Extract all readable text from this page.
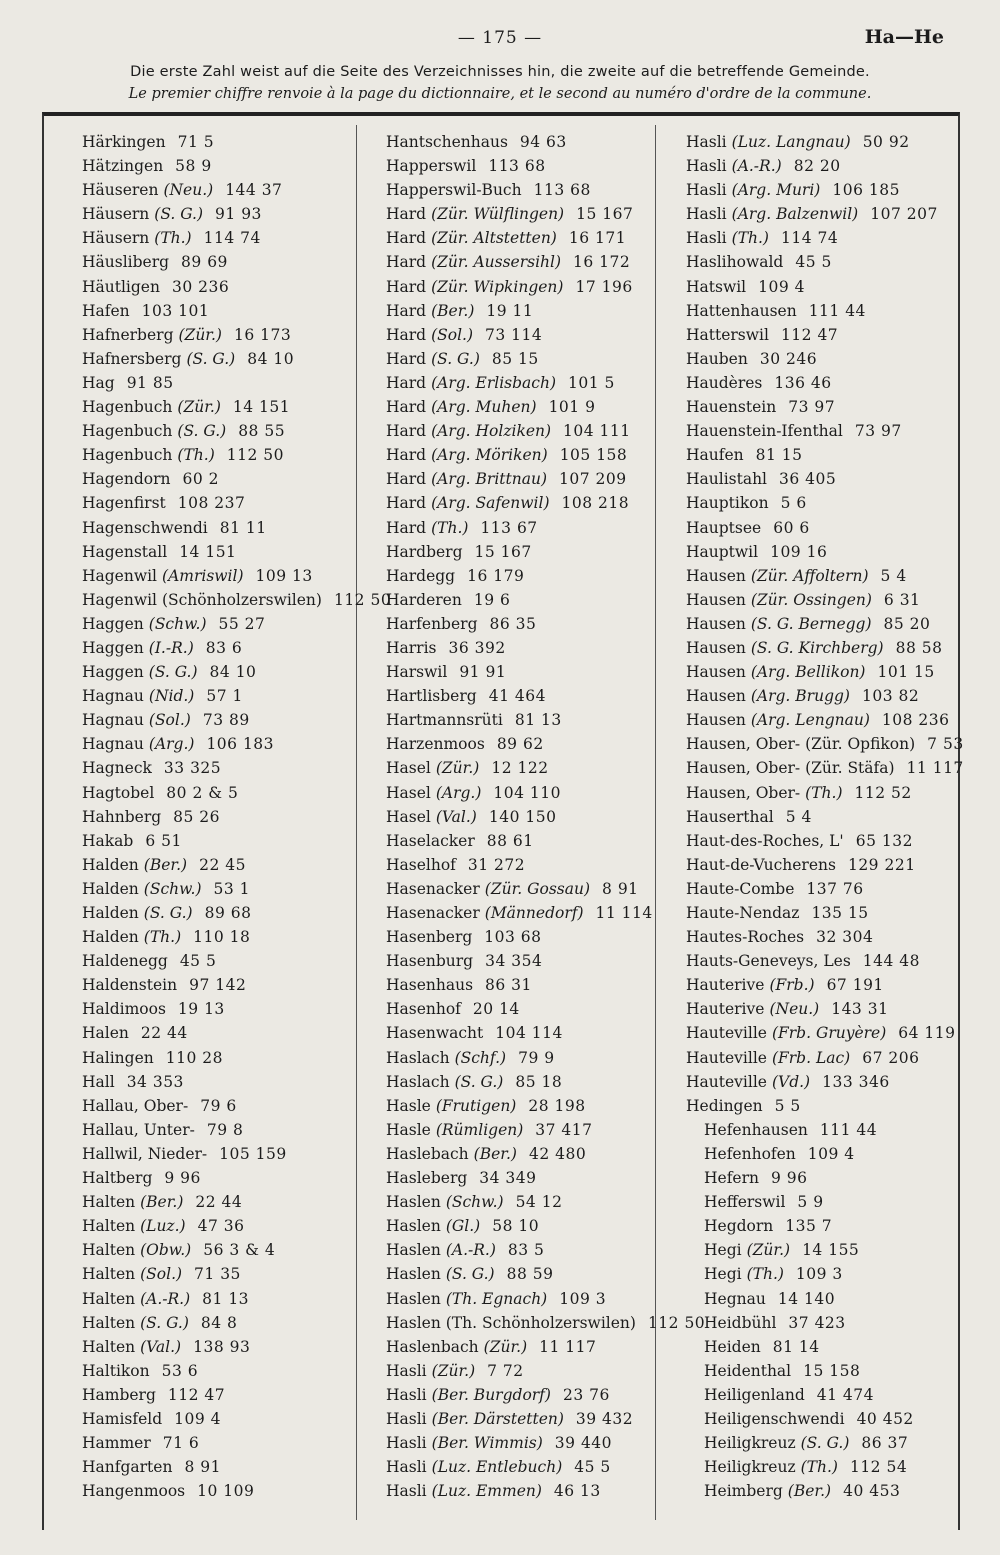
— 175 —	Ha—He
Die erste Zahl weist auf die Seite des Verzeichnisses hin, die zweite auf die betreffende Gemeinde.
Le premier chiffre renvoie à la page du dictionnaire, et le second au numéro d'ordre de la commune.
Härkingen 71 5
Hätzingen 58 9
Häuseren (Neu.) 144 37
Häusern (S. G.) 91 93
Häusern (Th.) 114 74
Häusliberg 89 69
Häutligen 30 236
Hafen 103 101
Hafnerberg (Zür.) 16 173
Hafnersberg (S. G.) 84 10
Hag 91 85
Hagenbuch (Zür.) 14 151
Hagenbuch (S. G.) 88 55
Hagenbuch (Th.) 112 50
Hagendorn 60 2
Hagenfirst 108 237
Hagenschwendi 81 11
Hagenstall 14 151
Hagenwil (Amriswil) 109 13
Hagenwil (Schönholzerswilen) 112 50
Haggen (Schw.) 55 27
Haggen (I.-R.) 83 6
Haggen (S. G.) 84 10
Hagnau (Nid.) 57 1
Hagnau (Sol.) 73 89
Hagnau (Arg.) 106 183
Hagneck 33 325
Hagtobel 80 2 & 5
Hahnberg 85 26
Hakab 6 51
Halden (Ber.) 22 45
Halden (Schw.) 53 1
Halden (S. G.) 89 68
Halden (Th.) 110 18
Haldenegg 45 5
Haldenstein 97 142
Haldimoos 19 13
Halen 22 44
Halingen 110 28
Hall 34 353
Hallau, Ober- 79 6
Hallau, Unter- 79 8
Hallwil, Nieder- 105 159
Haltberg 9 96
Halten (Ber.) 22 44
Halten (Luz.) 47 36
Halten (Obw.) 56 3 & 4
Halten (Sol.) 71 35
Halten (A.-R.) 81 13
Halten (S. G.) 84 8
Halten (Val.) 138 93
Haltikon 53 6
Hamberg 112 47
Hamisfeld 109 4
Hammer 71 6
Hanfgarten 8 91
Hangenmoos 10 109
Hantschenhaus 94 63
Happerswil 113 68
Happerswil-Buch 113 68
Hard (Zür. Wülflingen) 15 167
Hard (Zür. Altstetten) 16 171
Hard (Zür. Aussersihl) 16 172
Hard (Zür. Wipkingen) 17 196
Hard (Ber.) 19 11
Hard (Sol.) 73 114
Hard (S. G.) 85 15
Hard (Arg. Erlisbach) 101 5
Hard (Arg. Muhen) 101 9
Hard (Arg. Holziken) 104 111
Hard (Arg. Möriken) 105 158
Hard (Arg. Brittnau) 107 209
Hard (Arg. Safenwil) 108 218
Hard (Th.) 113 67
Hardberg 15 167
Hardegg 16 179
Harderen 19 6
Harfenberg 86 35
Harris 36 392
Harswil 91 91
Hartlisberg 41 464
Hartmannsrüti 81 13
Harzenmoos 89 62
Hasel (Zür.) 12 122
Hasel (Arg.) 104 110
Hasel (Val.) 140 150
Haselacker 88 61
Haselhof 31 272
Hasenacker (Zür. Gossau) 8 91
Hasenacker (Männedorf) 11 114
Hasenberg 103 68
Hasenburg 34 354
Hasenhaus 86 31
Hasenhof 20 14
Hasenwacht 104 114
Haslach (Schf.) 79 9
Haslach (S. G.) 85 18
Hasle (Frutigen) 28 198
Hasle (Rümligen) 37 417
Haslebach (Ber.) 42 480
Hasleberg 34 349
Haslen (Schw.) 54 12
Haslen (Gl.) 58 10
Haslen (A.-R.) 83 5
Haslen (S. G.) 88 59
Haslen (Th. Egnach) 109 3
Haslen (Th. Schönholzerswilen) 112 50
Haslenbach (Zür.) 11 117
Hasli (Zür.) 7 72
Hasli (Ber. Burgdorf) 23 76
Hasli (Ber. Därstetten) 39 432
Hasli (Ber. Wimmis) 39 440
Hasli (Luz. Entlebuch) 45 5
Hasli (Luz. Emmen) 46 13
Hasli (Luz. Langnau) 50 92
Hasli (A.-R.) 82 20
Hasli (Arg. Muri) 106 185
Hasli (Arg. Balzenwil) 107 207
Hasli (Th.) 114 74
Haslihowald 45 5
Hatswil 109 4
Hattenhausen 111 44
Hatterswil 112 47
Hauben 30 246
Haudères 136 46
Hauenstein 73 97
Hauenstein-Ifenthal 73 97
Haufen 81 15
Haulistahl 36 405
Hauptikon 5 6
Hauptsee 60 6
Hauptwil 109 16
Hausen (Zür. Affoltern) 5 4
Hausen (Zür. Ossingen) 6 31
Hausen (S. G. Bernegg) 85 20
Hausen (S. G. Kirchberg) 88 58
Hausen (Arg. Bellikon) 101 15
Hausen (Arg. Brugg) 103 82
Hausen (Arg. Lengnau) 108 236
Hausen, Ober- (Zür. Opfikon) 7 53
Hausen, Ober- (Zür. Stäfa) 11 117
Hausen, Ober- (Th.) 112 52
Hauserthal 5 4
Haut-des-Roches, L' 65 132
Haut-de-Vucherens 129 221
Haute-Combe 137 76
Haute-Nendaz 135 15
Hautes-Roches 32 304
Hauts-Geneveys, Les 144 48
Hauterive (Frb.) 67 191
Hauterive (Neu.) 143 31
Hauteville (Frb. Gruyère) 64 119
Hauteville (Frb. Lac) 67 206
Hauteville (Vd.) 133 346
Hedingen 5 5
Hefenhausen 111 44
Hefenhofen 109 4
Hefern 9 96
Hefferswil 5 9
Hegdorn 135 7
Hegi (Zür.) 14 155
Hegi (Th.) 109 3
Hegnau 14 140
Heidbühl 37 423
Heiden 81 14
Heidenthal 15 158
Heiligenland 41 474
Heiligenschwendi 40 452
Heiligkreuz (S. G.) 86 37
Heiligkreuz (Th.) 112 54
Heimberg (Ber.) 40 453
